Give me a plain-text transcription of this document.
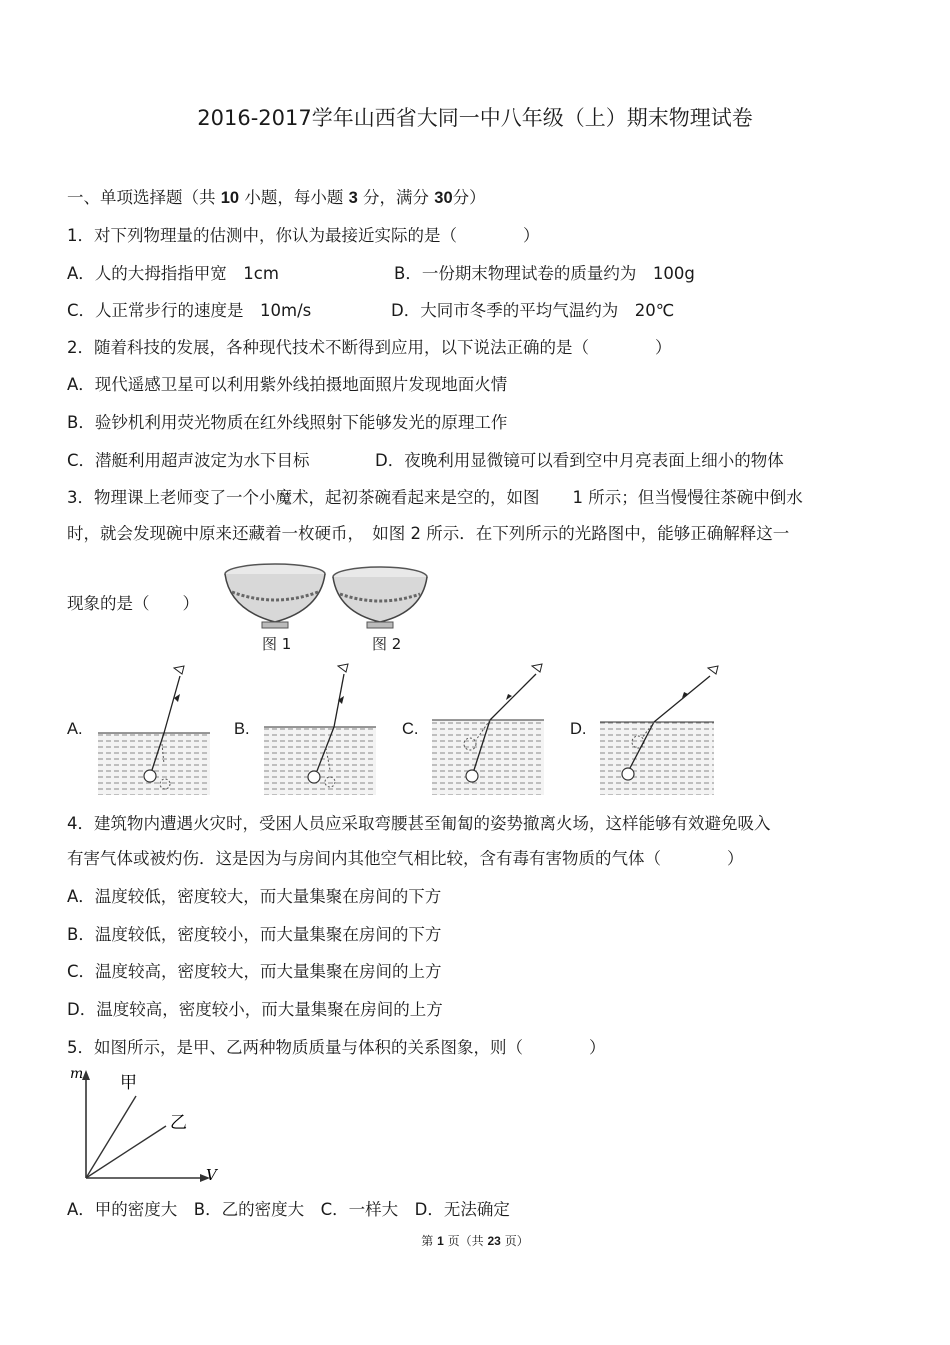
2016-2017学年山西省大同一中八年级（上）期末物理试卷
一、单项选择题（共 10 小题，每小题 3 分，满分 30分）
1．对下列物理量的估测中，你认为最接近实际的是（　　　　）
A．人的大拇指指甲宽　1cm	B．一份期末物理试卷的质量约为　100g
C．人正常步行的速度是　10m/s	D．大同市冬季的平均气温约为　20℃
2．随着科技的发展，各种现代技术不断得到应用，以下说法正确的是（　　　　）
A．现代遥感卫星可以利用紫外线拍摄地面照片发现地面火情
B．验钞机利用荧光物质在红外线照射下能够发光的原理工作
C．潜艇利用超声波定为水下目标	D．夜晚利用显微镜可以看到空中月亮表面上细小的物体
3．物理课上老师变了一个小魔术，起初茶碗看起来是空的，如图　　1 所示；但当慢慢往茶碗中倒水
时，就会发现碗中原来还藏着一枚硬币，　如图 2 所示．在下列所示的光路图中，能够正确解释这一
现象的是（　　）
图 1	图 2
A.	B.	C.	D.
4．建筑物内遭遇火灾时，受困人员应采取弯腰甚至匍匐的姿势撤离火场，这样能够有效避免吸入
有害气体或被灼伤．这是因为与房间内其他空气相比较，含有毒有害物质的气体（　　　　）
A．温度较低，密度较大，而大量集聚在房间的下方
B．温度较低，密度较小，而大量集聚在房间的下方
C．温度较高，密度较大，而大量集聚在房间的上方
D．温度较高，密度较小，而大量集聚在房间的上方
5．如图所示，是甲、乙两种物质质量与体积的关系图象，则（　　　　）
m
V
甲
乙
A．甲的密度大　B．乙的密度大　C．一样大　D．无法确定
第 1 页（共 23 页）
